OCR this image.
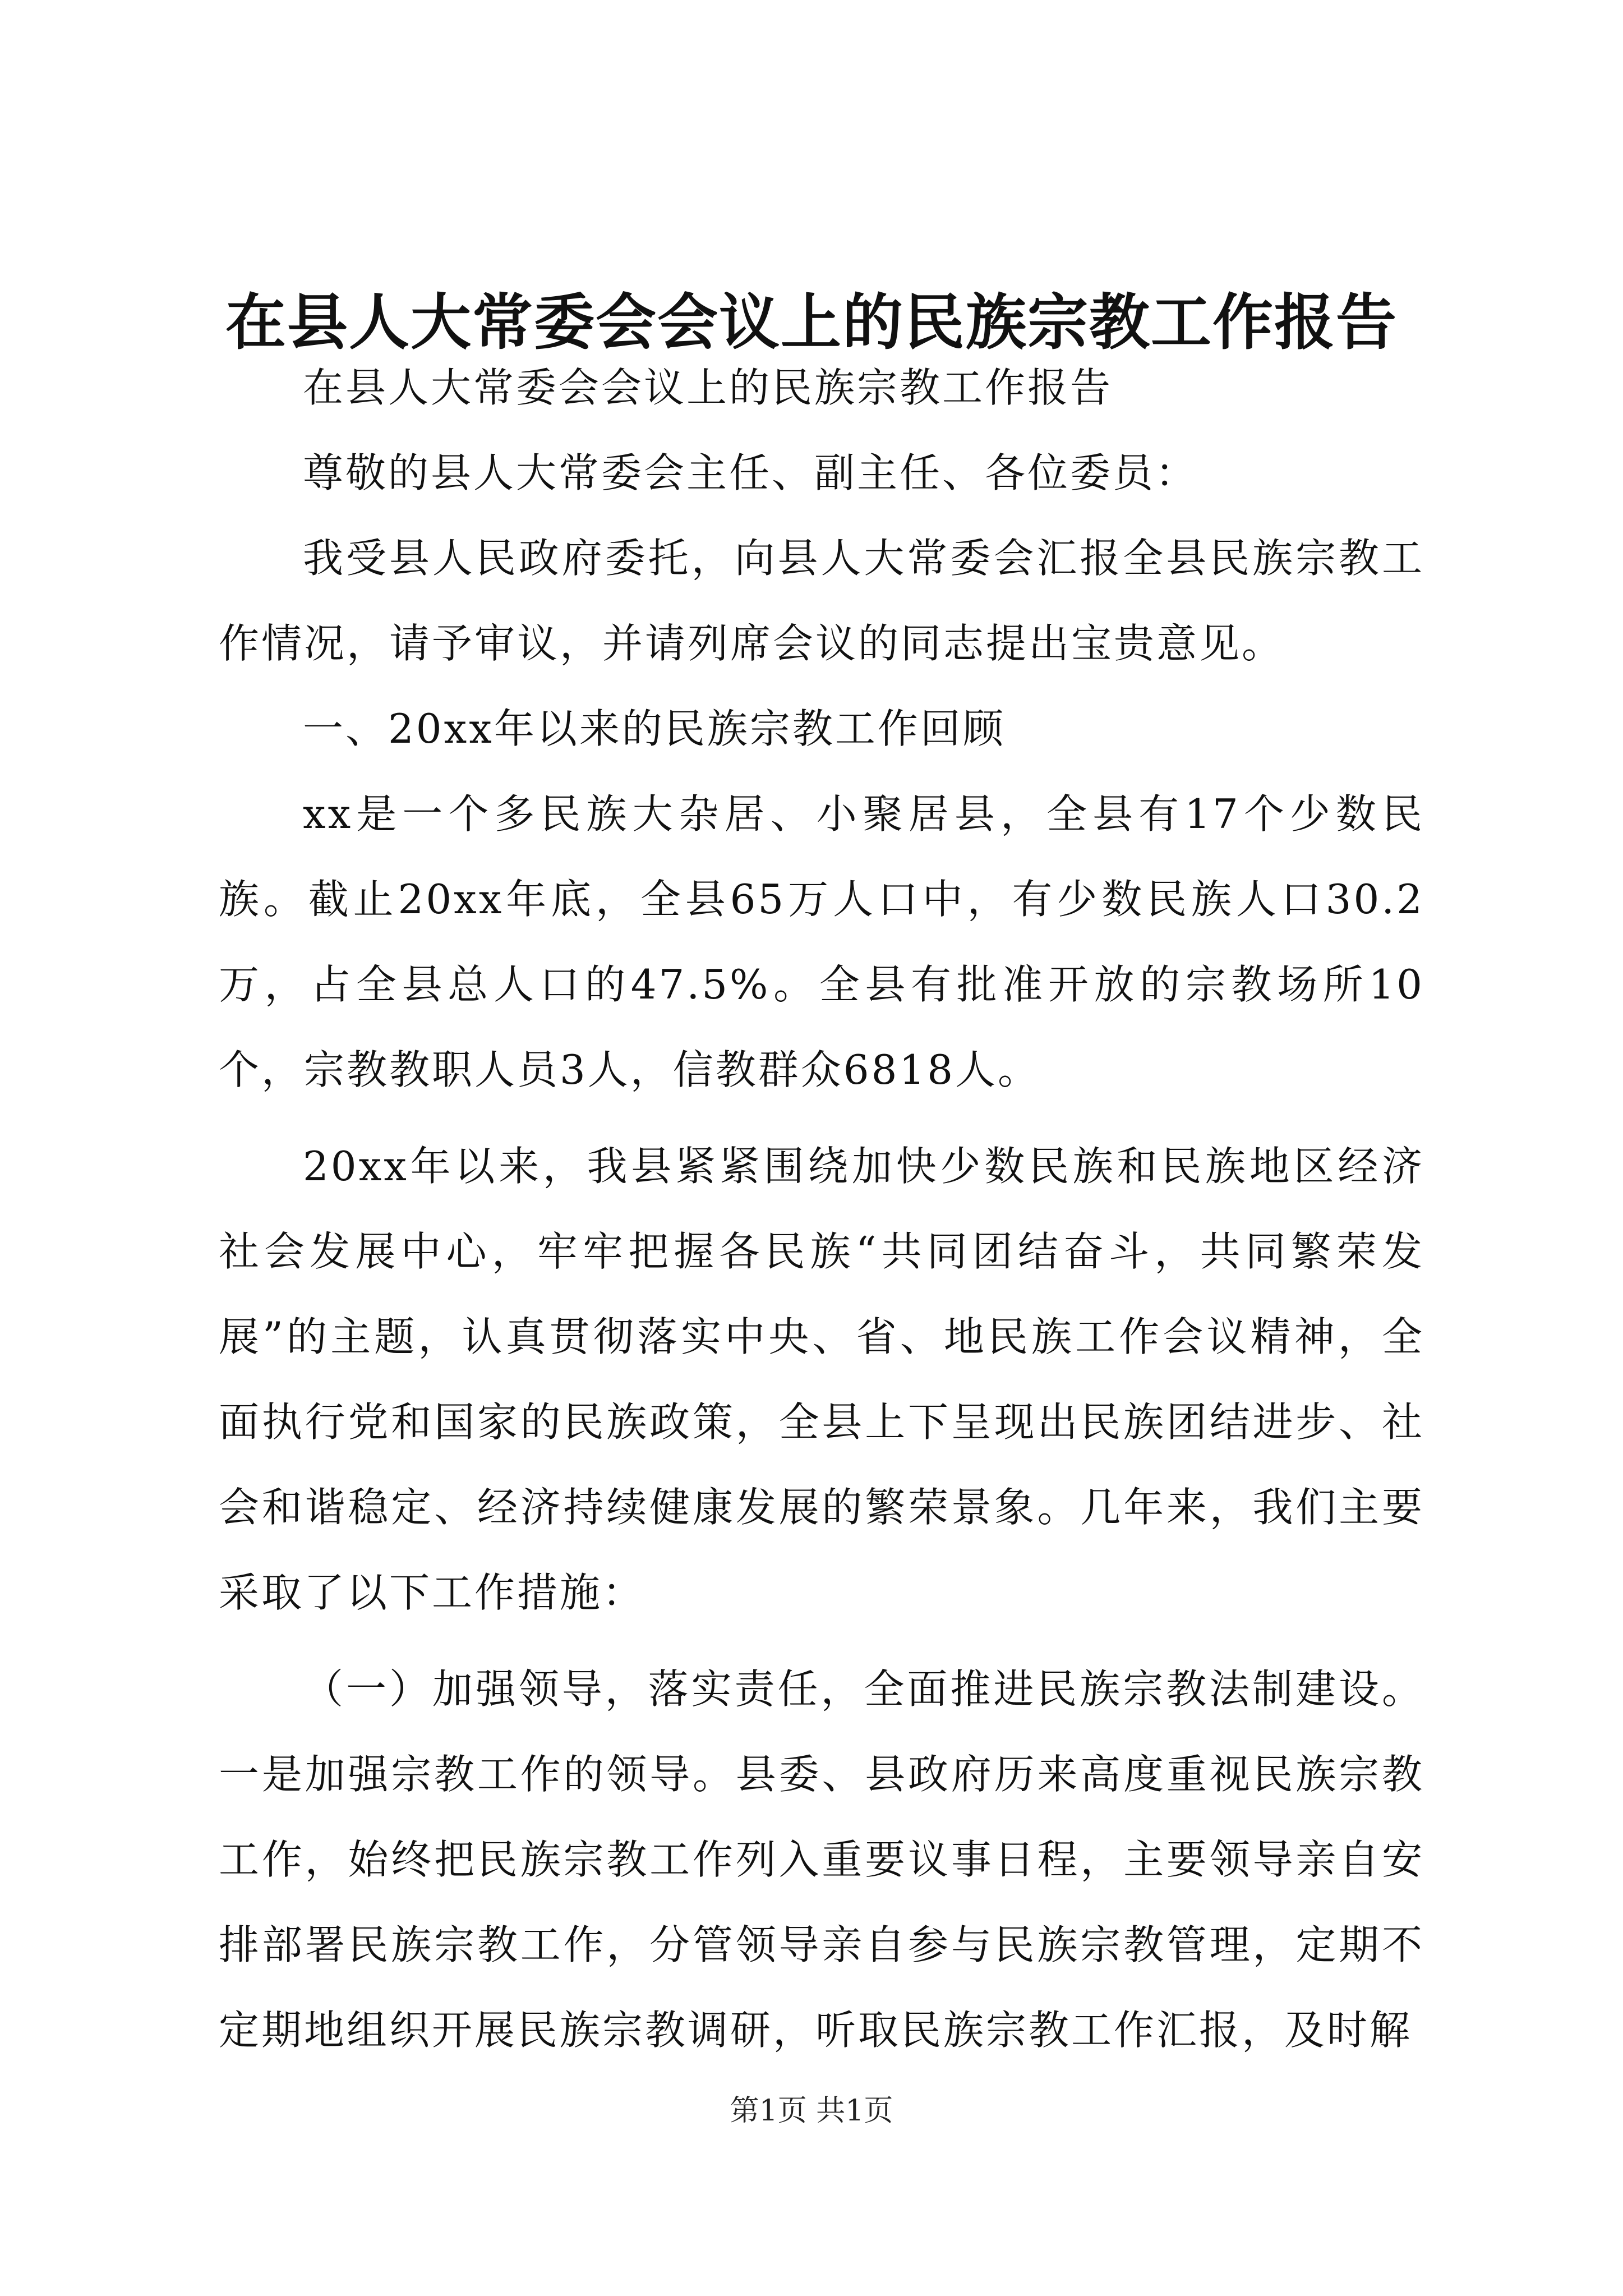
在县人大常委会会议上的民族宗教工作报告

在县人大常委会会议上的民族宗教工作报告

尊敬的县人大常委会主任、副主任、各位委员：

我受县人民政府委托，向县人大常委会汇报全县民族宗教工作情况，请予审议，并请列席会议的同志提出宝贵意见。

一、20xx年以来的民族宗教工作回顾

xx是一个多民族大杂居、小聚居县，全县有17个少数民族。截止20xx年底，全县65万人口中，有少数民族人口30.2万，占全县总人口的47.5%。全县有批准开放的宗教场所10个，宗教教职人员3人，信教群众6818人。

20xx年以来，我县紧紧围绕加快少数民族和民族地区经济社会发展中心，牢牢把握各民族“共同团结奋斗，共同繁荣发展”的主题，认真贯彻落实中央、省、地民族工作会议精神，全面执行党和国家的民族政策，全县上下呈现出民族团结进步、社会和谐稳定、经济持续健康发展的繁荣景象。几年来，我们主要采取了以下工作措施：

（一）加强领导，落实责任，全面推进民族宗教法制建设。一是加强宗教工作的领导。县委、县政府历来高度重视民族宗教工作，始终把民族宗教工作列入重要议事日程，主要领导亲自安排部署民族宗教工作，分管领导亲自参与民族宗教管理，定期不定期地组织开展民族宗教调研，听取民族宗教工作汇报，及时解

第1页 共1页
